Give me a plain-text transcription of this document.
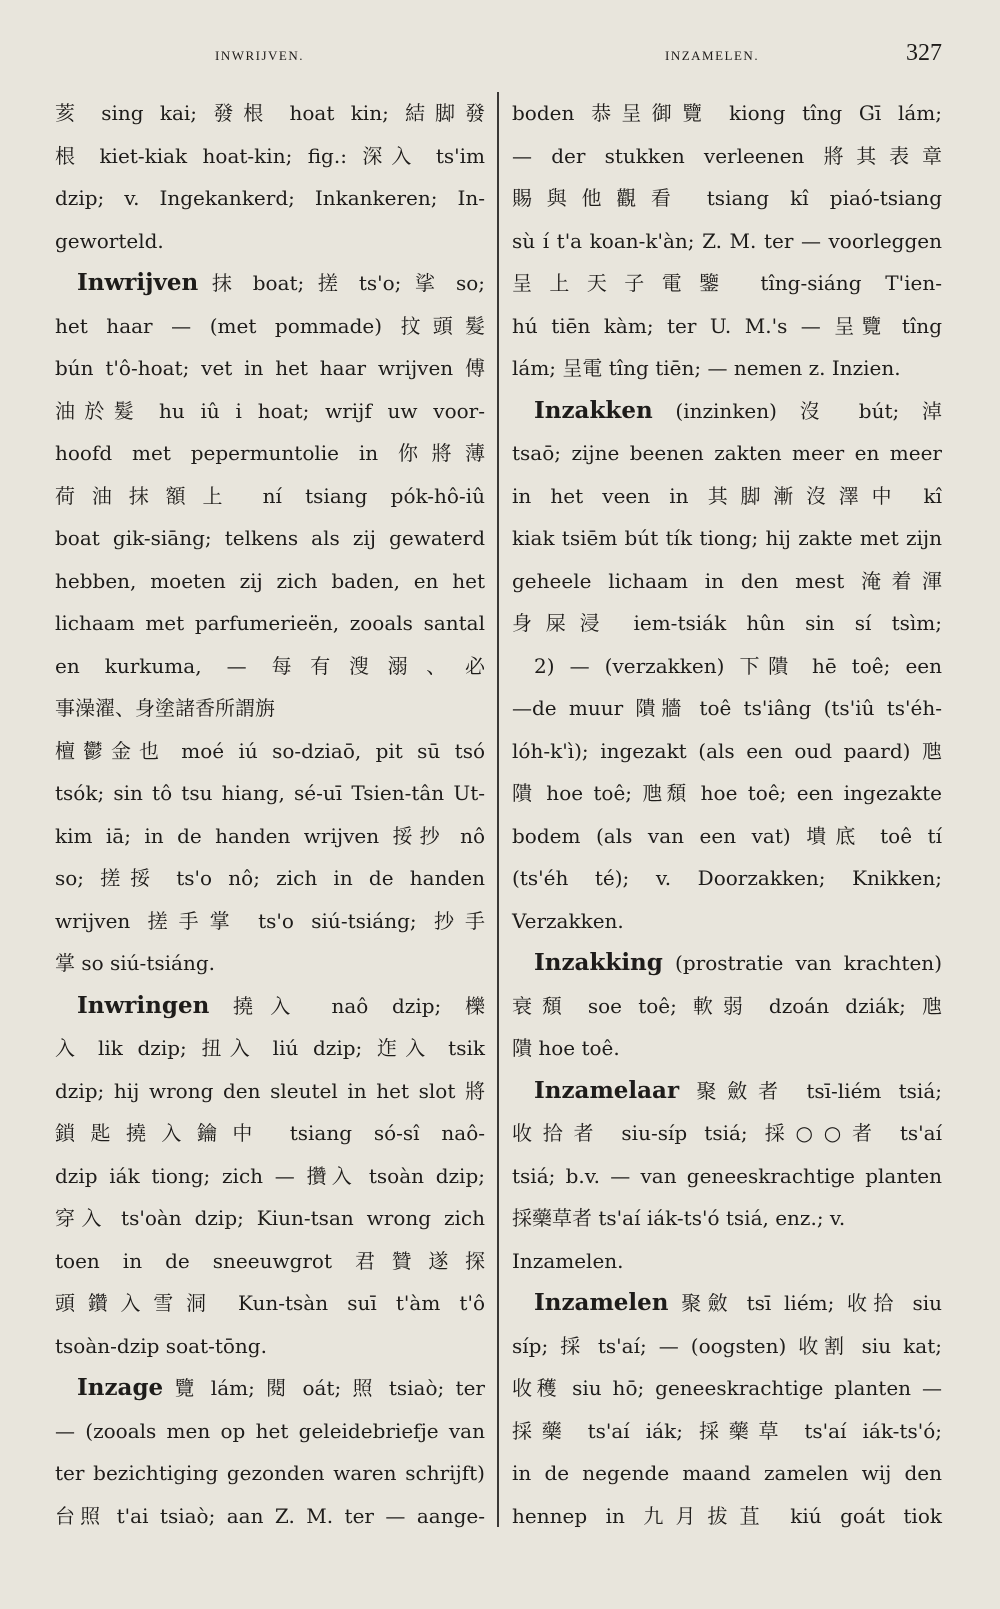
INWRIJVEN.	INZAMELEN.	327
荄 sing kai; 發根 hoat kin; 結脚發
根 kiet-kiak hoat-kin; fig.: 深入 ts'im
dzip; v. Ingekankerd; Inkankeren; In-
geworteld.
Inwrijven 抹 boat; 搓 ts'o; 挲 so;
het haar — (met pommade) 抆頭髮
bún t'ô-hoat; vet in het haar wrijven 傅
油於髮 hu iû i hoat; wrijf uw voor-
hoofd met pepermuntolie in 你將薄
荷油抹額上 ní tsiang pók-hô-iû
boat gik-siāng; telkens als zij gewaterd
hebben, moeten zij zich baden, en het
lichaam met parfumerieën, zooals santal
en kurkuma, — 每有溲溺、必
事澡濯、身塗諸香所謂旃
檀鬱金也 moé iú so-dziaō, pit sū tsó
tsók; sin tô tsu hiang, sé-uī Tsien-tân Ut-
kim iā; in de handen wrijven 挼抄 nô
so; 搓挼 ts'o nô; zich in de handen
wrijven 搓手掌 ts'o siú-tsiáng; 抄手
掌 so siú-tsiáng.
Inwringen 撓入 naô dzip; 櫟
入 lik dzip; 扭入 liú dzip; 迮入 tsik
dzip; hij wrong den sleutel in het slot 將
鎖匙撓入鑰中 tsiang só-sî naô-
dzip iák tiong; zich — 攢入 tsoàn dzip;
穿入 ts'oàn dzip; Kiun-tsan wrong zich
toen in de sneeuwgrot 君贊遂探
頭鑽入雪洞 Kun-tsàn suī t'àm t'ô
tsoàn-dzip soat-tōng.
Inzage 覽 lám; 閱 oát; 照 tsiaò; ter
— (zooals men op het geleidebriefje van
ter bezichtiging gezonden waren schrijft)
台照 t'ai tsiaò; aan Z. M. ter — aange-
boden 恭呈御覽 kiong tîng Gī lám;
— der stukken verleenen 將其表章
賜與他觀看 tsiang kî piaó-tsiang
sù í t'a koan-k'àn; Z. M. ter — voorleggen
呈上天子電鑒 tîng-siáng T'ien-
hú tiēn kàm; ter U. M.'s — 呈覽 tîng
lám; 呈電 tîng tiēn; — nemen z. Inzien.
Inzakken (inzinken) 沒 bút; 淖
tsaō; zijne beenen zakten meer en meer
in het veen in 其脚漸沒澤中 kî
kiak tsiēm bút tík tiong; hij zakte met zijn
geheele lichaam in den mest 淹着渾
身屎浸 iem-tsiák hûn sin sí tsìm;
2) — (verzakken) 下隤 hē toê; een
—de muur 隤牆 toê ts'iâng (ts'iû ts'éh-
lóh-k'ì); ingezakt (als een oud paard) 虺
隤 hoe toê; 虺頹 hoe toê; een ingezakte
bodem (als van een vat) 墤底 toê tí
(ts'éh té); v. Doorzakken; Knikken;
Verzakken.
Inzakking (prostratie van krachten)
衰頹 soe toê; 軟弱 dzoán dziák; 虺
隤 hoe toê.
Inzamelaar 聚斂者 tsī-liém tsiá;
收拾者 siu-síp tsiá; 採○○者 ts'aí
tsiá; b.v. — van geneeskrachtige planten
採藥草者 ts'aí iák-ts'ó tsiá, enz.; v.
Inzamelen.
Inzamelen 聚斂 tsī liém; 收拾 siu
síp; 採 ts'aí; — (oogsten) 收割 siu kat;
收穫 siu hō; geneeskrachtige planten —
採藥 ts'aí iák; 採藥草 ts'aí iák-ts'ó;
in de negende maand zamelen wij den
hennep in 九月拔苴 kiú goát tiok
